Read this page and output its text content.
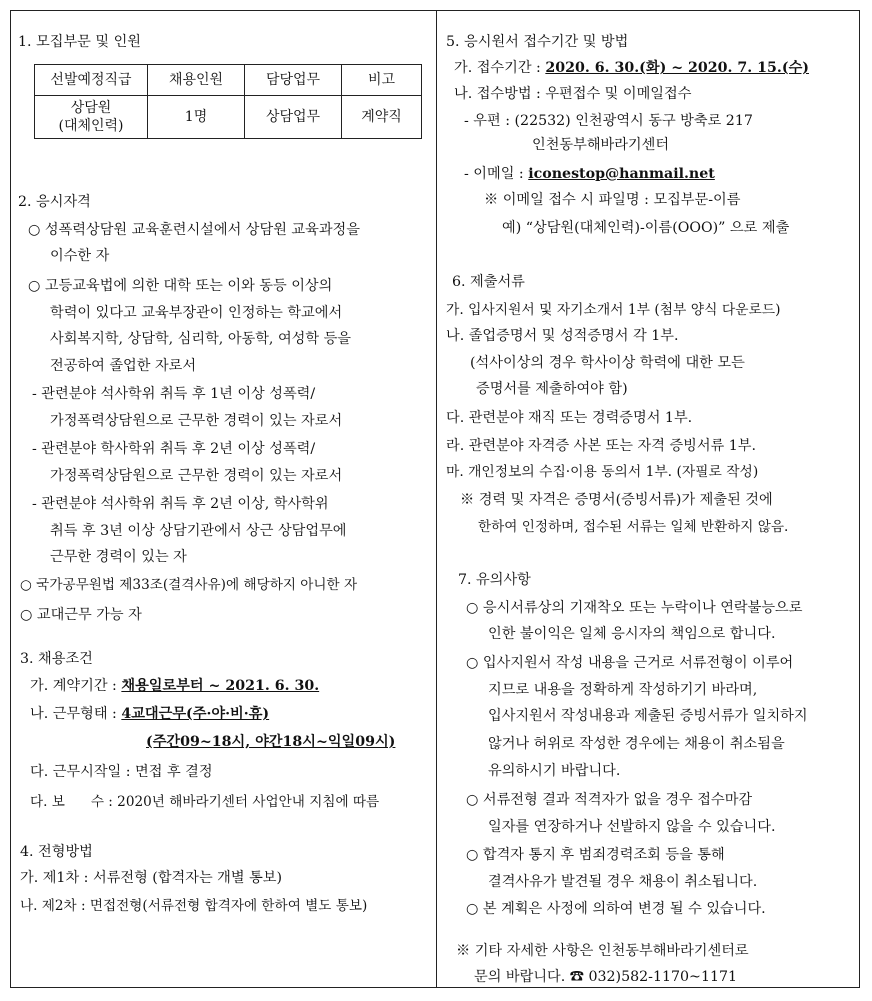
1. 모집부문 및 인원
선발예정직급	채용인원	담당업무	비고
상담원
(대체인력)	1명	상담업무	계약직
2. 응시자격
○ 성폭력상담원 교육훈련시설에서 상담원 교육과정을
이수한 자
○ 고등교육법에 의한 대학 또는 이와 동등 이상의
학력이 있다고 교육부장관이 인정하는 학교에서
사회복지학, 상담학, 심리학, 아동학, 여성학 등을
전공하여 졸업한 자로서
- 관련분야 석사학위 취득 후 1년 이상 성폭력/
가정폭력상담원으로 근무한 경력이 있는 자로서
- 관련분야 학사학위 취득 후 2년 이상 성폭력/
가정폭력상담원으로 근무한 경력이 있는 자로서
- 관련분야 석사학위 취득 후 2년 이상, 학사학위
취득 후 3년 이상 상담기관에서 상근 상담업무에
근무한 경력이 있는 자
○ 국가공무원법 제33조(결격사유)에 해당하지 아니한 자
○ 교대근무 가능 자
3. 채용조건
가. 계약기간 : 채용일로부터 ~ 2021. 6. 30.
나. 근무형태 : 4교대근무(주·야·비·휴)
(주간09~18시, 야간18시~익일09시)
다. 근무시작일 : 면접 후 결정
다. 보      수 : 2020년 해바라기센터 사업안내 지침에 따름
4. 전형방법
가. 제1차 : 서류전형 (합격자는 개별 통보)
나. 제2차 : 면접전형(서류전형 합격자에 한하여 별도 통보)
5. 응시원서 접수기간 및 방법
가. 접수기간 : 2020. 6. 30.(화) ~ 2020. 7. 15.(수)
나. 접수방법 : 우편접수 및 이메일접수
- 우편 : (22532) 인천광역시 동구 방축로 217
인천동부해바라기센터
- 이메일 : iconestop@hanmail.net
※ 이메일 접수 시 파일명 : 모집부문-이름
예) “상담원(대체인력)-이름(OOO)” 으로 제출
6. 제출서류
가. 입사지원서 및 자기소개서 1부 (첨부 양식 다운로드)
나. 졸업증명서 및 성적증명서 각 1부.
(석사이상의 경우 학사이상 학력에 대한 모든
증명서를 제출하여야 함)
다. 관련분야 재직 또는 경력증명서 1부.
라. 관련분야 자격증 사본 또는 자격 증빙서류 1부.
마. 개인정보의 수집·이용 동의서 1부. (자필로 작성)
※ 경력 및 자격은 증명서(증빙서류)가 제출된 것에
한하여 인정하며, 접수된 서류는 일체 반환하지 않음.
7. 유의사항
○ 응시서류상의 기재착오 또는 누락이나 연락불능으로
인한 불이익은 일체 응시자의 책임으로 합니다.
○ 입사지원서 작성 내용을 근거로 서류전형이 이루어
지므로 내용을 정확하게 작성하기기 바라며,
입사지원서 작성내용과 제출된 증빙서류가 일치하지
않거나 허위로 작성한 경우에는 채용이 취소됨을
유의하시기 바랍니다.
○ 서류전형 결과 적격자가 없을 경우 접수마감
일자를 연장하거나 선발하지 않을 수 있습니다.
○ 합격자 통지 후 범죄경력조회 등을 통해
결격사유가 발견될 경우 채용이 취소됩니다.
○ 본 계획은 사정에 의하여 변경 될 수 있습니다.
※ 기타 자세한 사항은 인천동부해바라기센터로
문의 바랍니다. ☎ 032)582-1170~1171
